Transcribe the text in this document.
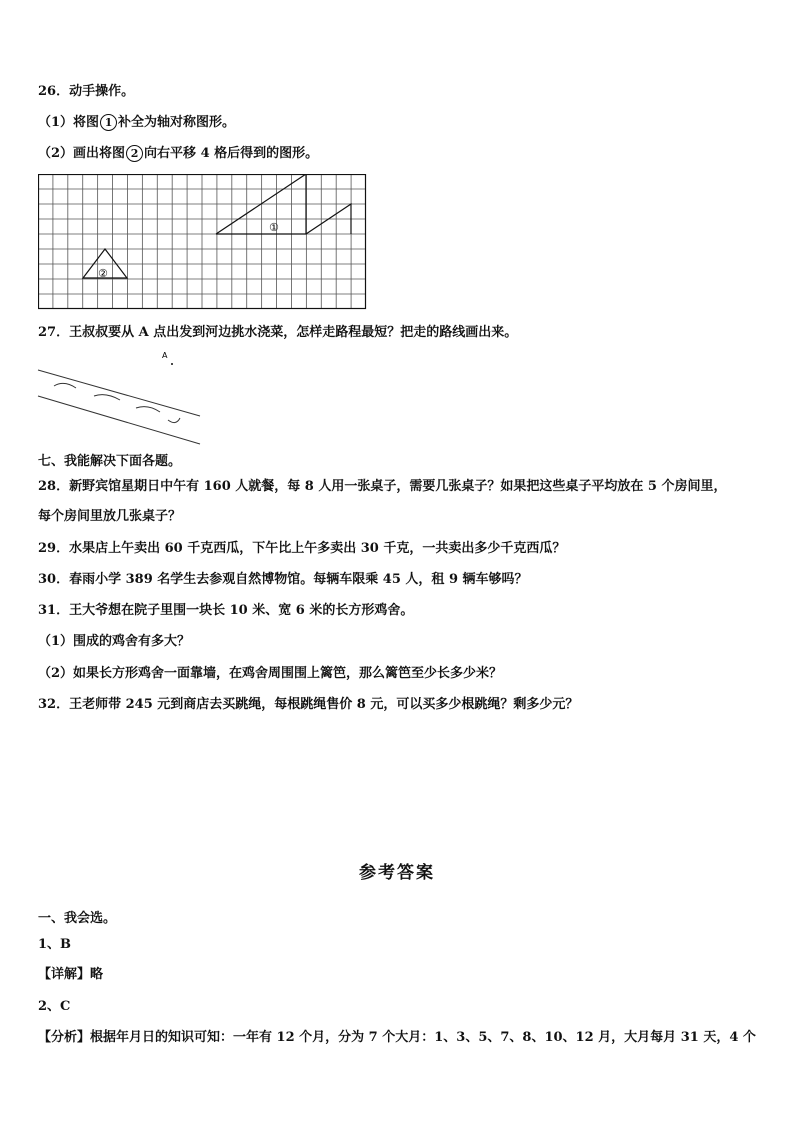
26．动手操作。
（1）将图 1 补全为轴对称图形。
（2）画出将图 2 向右平移 4 格后得到的图形。
①
②
27．王叔叔要从 A 点出发到河边挑水浇菜，怎样走路程最短？把走的路线画出来。
A
七、我能解决下面各题。
28．新野宾馆星期日中午有 160 人就餐，每 8 人用一张桌子，需要几张桌子？如果把这些桌子平均放在 5 个房间里，
每个房间里放几张桌子？
29．水果店上午卖出 60 千克西瓜，下午比上午多卖出 30 千克，一共卖出多少千克西瓜？
30．春雨小学 389 名学生去参观自然博物馆。每辆车限乘 45 人，租 9 辆车够吗？
31．王大爷想在院子里围一块长 10 米、宽 6 米的长方形鸡舍。
（1）围成的鸡舍有多大？
（2）如果长方形鸡舍一面靠墙，在鸡舍周围围上篱笆，那么篱笆至少长多少米？
32．王老师带 245 元到商店去买跳绳，每根跳绳售价 8 元，可以买多少根跳绳？剩多少元？
参考答案
一、我会选。
1、B
【详解】略
2、C
【分析】根据年月日的知识可知：一年有 12 个月，分为 7 个大月：1、3、5、7、8、10、12 月，大月每月 31 天，4 个
